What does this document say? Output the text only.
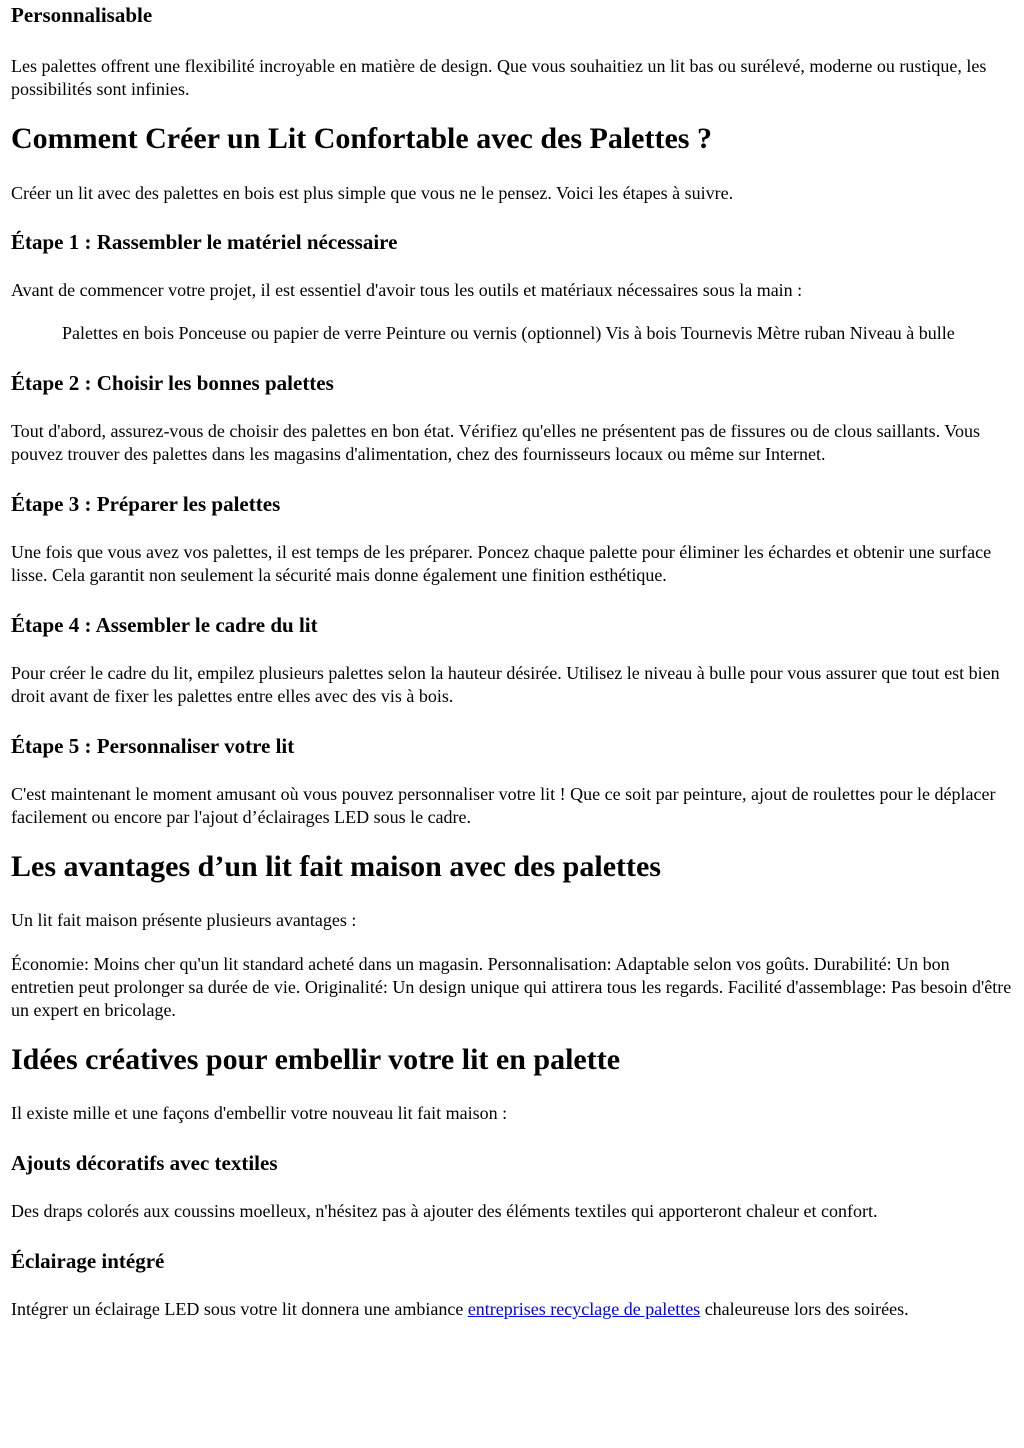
Personnalisable

Les palettes offrent une flexibilité incroyable en matière de design. Que vous souhaitiez un lit bas ou surélevé, moderne ou rustique, les possibilités sont infinies.

Comment Créer un Lit Confortable avec des Palettes ?

Créer un lit avec des palettes en bois est plus simple que vous ne le pensez. Voici les étapes à suivre.

Étape 1 : Rassembler le matériel nécessaire

Avant de commencer votre projet, il est essentiel d'avoir tous les outils et matériaux nécessaires sous la main :

Palettes en bois Ponceuse ou papier de verre Peinture ou vernis (optionnel) Vis à bois Tournevis Mètre ruban Niveau à bulle

Étape 2 : Choisir les bonnes palettes

Tout d'abord, assurez-vous de choisir des palettes en bon état. Vérifiez qu'elles ne présentent pas de fissures ou de clous saillants. Vous pouvez trouver des palettes dans les magasins d'alimentation, chez des fournisseurs locaux ou même sur Internet.

Étape 3 : Préparer les palettes

Une fois que vous avez vos palettes, il est temps de les préparer. Poncez chaque palette pour éliminer les échardes et obtenir une surface lisse. Cela garantit non seulement la sécurité mais donne également une finition esthétique.

Étape 4 : Assembler le cadre du lit

Pour créer le cadre du lit, empilez plusieurs palettes selon la hauteur désirée. Utilisez le niveau à bulle pour vous assurer que tout est bien droit avant de fixer les palettes entre elles avec des vis à bois.

Étape 5 : Personnaliser votre lit

C'est maintenant le moment amusant où vous pouvez personnaliser votre lit ! Que ce soit par peinture, ajout de roulettes pour le déplacer facilement ou encore par l'ajout d’éclairages LED sous le cadre.

Les avantages d’un lit fait maison avec des palettes

Un lit fait maison présente plusieurs avantages :

Économie: Moins cher qu'un lit standard acheté dans un magasin. Personnalisation: Adaptable selon vos goûts. Durabilité: Un bon entretien peut prolonger sa durée de vie. Originalité: Un design unique qui attirera tous les regards. Facilité d'assemblage: Pas besoin d'être un expert en bricolage.

Idées créatives pour embellir votre lit en palette

Il existe mille et une façons d'embellir votre nouveau lit fait maison :

Ajouts décoratifs avec textiles

Des draps colorés aux coussins moelleux, n'hésitez pas à ajouter des éléments textiles qui apporteront chaleur et confort.

Éclairage intégré

Intégrer un éclairage LED sous votre lit donnera une ambiance entreprises recyclage de palettes chaleureuse lors des soirées.
